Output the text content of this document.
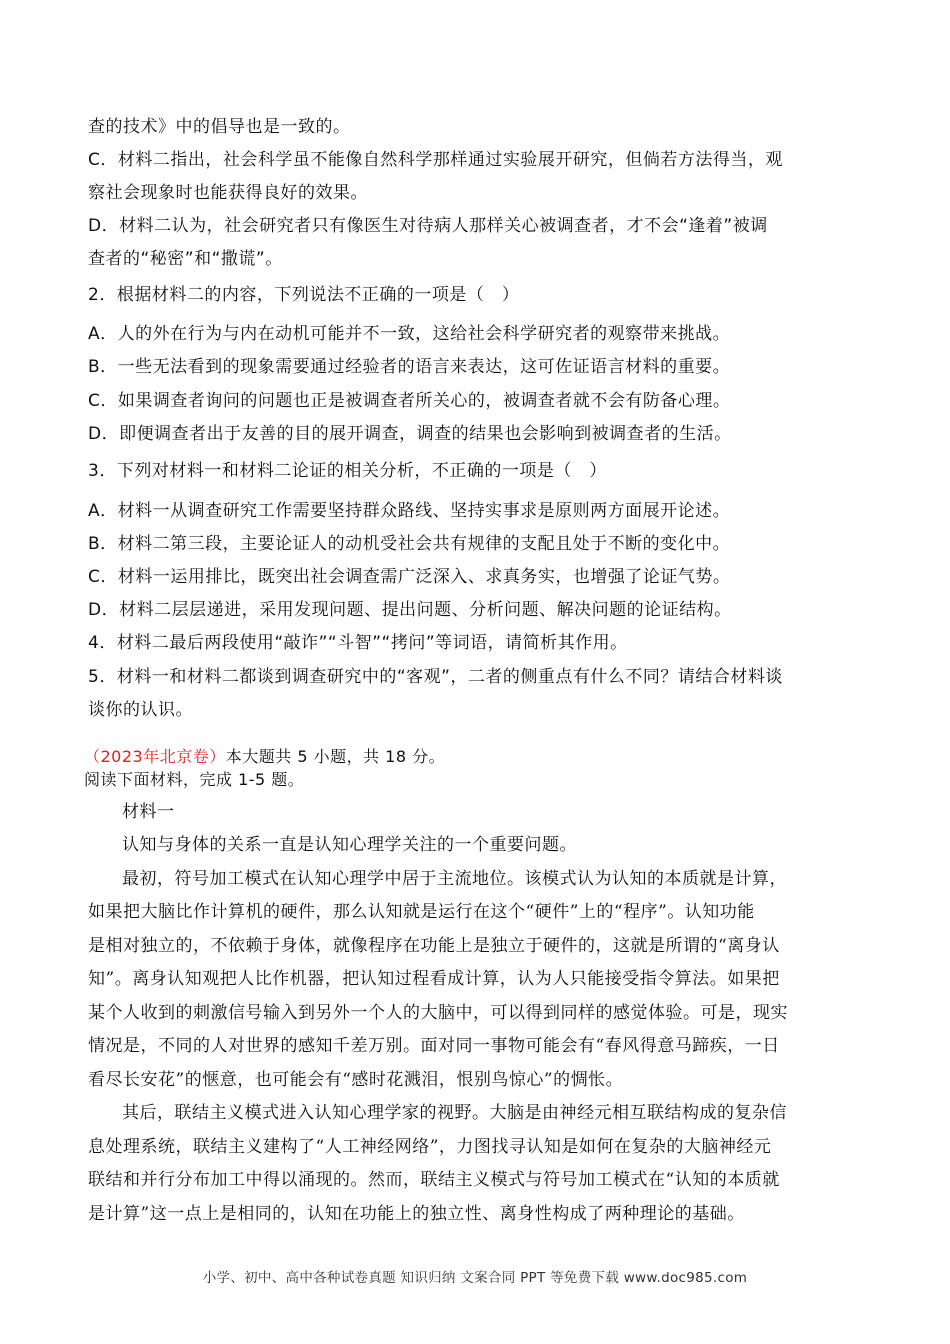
查的技术》中的倡导也是一致的。

C．材料二指出，社会科学虽不能像自然科学那样通过实验展开研究，但倘若方法得当，观

察社会现象时也能获得良好的效果。

D．材料二认为，社会研究者只有像医生对待病人那样关心被调查者，才不会“逢着”被调

查者的“秘密”和“撒谎”。

2．根据材料二的内容，下列说法不正确的一项是（　）

A．人的外在行为与内在动机可能并不一致，这给社会科学研究者的观察带来挑战。

B．一些无法看到的现象需要通过经验者的语言来表达，这可佐证语言材料的重要。

C．如果调查者询问的问题也正是被调查者所关心的，被调查者就不会有防备心理。

D．即便调查者出于友善的目的展开调查，调查的结果也会影响到被调查者的生活。

3．下列对材料一和材料二论证的相关分析，不正确的一项是（　）

A．材料一从调查研究工作需要坚持群众路线、坚持实事求是原则两方面展开论述。

B．材料二第三段，主要论证人的动机受社会共有规律的支配且处于不断的变化中。

C．材料一运用排比，既突出社会调查需广泛深入、求真务实，也增强了论证气势。

D．材料二层层递进，采用发现问题、提出问题、分析问题、解决问题的论证结构。

4．材料二最后两段使用“敲诈”“斗智”“拷问”等词语，请简析其作用。

5．材料一和材料二都谈到调查研究中的“客观”，二者的侧重点有什么不同？请结合材料谈

谈你的认识。

（2023年北京卷）本大题共 5 小题，共 18 分。

阅读下面材料，完成 1-5 题。

材料一

认知与身体的关系一直是认知心理学关注的一个重要问题。

最初，符号加工模式在认知心理学中居于主流地位。该模式认为认知的本质就是计算，

如果把大脑比作计算机的硬件，那么认知就是运行在这个“硬件”上的“程序”。认知功能

是相对独立的，不依赖于身体，就像程序在功能上是独立于硬件的，这就是所谓的“离身认

知”。离身认知观把人比作机器，把认知过程看成计算，认为人只能接受指令算法。如果把

某个人收到的刺激信号输入到另外一个人的大脑中，可以得到同样的感觉体验。可是，现实

情况是，不同的人对世界的感知千差万别。面对同一事物可能会有“春风得意马蹄疾，一日

看尽长安花”的惬意，也可能会有“感时花溅泪，恨别鸟惊心”的惆怅。

其后，联结主义模式进入认知心理学家的视野。大脑是由神经元相互联结构成的复杂信

息处理系统，联结主义建构了“人工神经网络”，力图找寻认知是如何在复杂的大脑神经元

联结和并行分布加工中得以涌现的。然而，联结主义模式与符号加工模式在“认知的本质就

是计算”这一点上是相同的，认知在功能上的独立性、离身性构成了两种理论的基础。

小学、初中、高中各种试卷真题 知识归纳 文案合同 PPT 等免费下载 www.doc985.com
